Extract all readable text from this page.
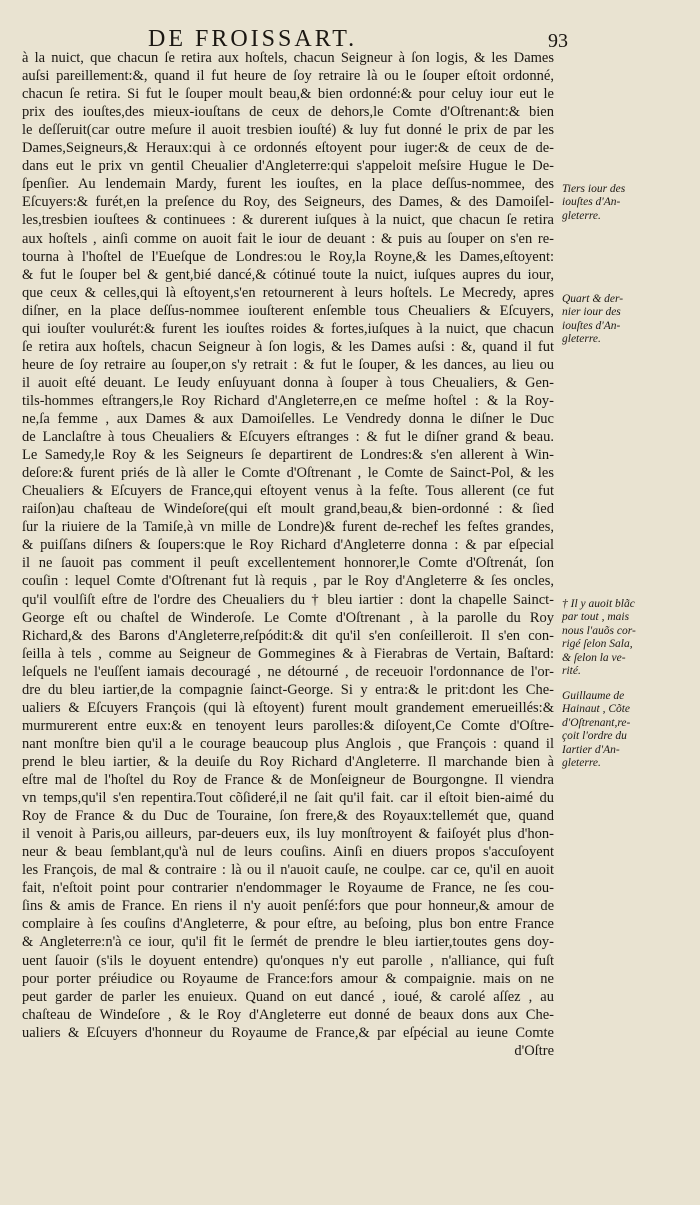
DE FROISSART.	93
à la nuict, que chacun ſe retira aux hoſtels, chacun Seigneur à ſon logis, & les Dames
auſsi pareillement:&, quand il fut heure de ſoy retraire là ou le ſouper eſtoit ordonné,
chacun ſe retira. Si fut le ſouper moult beau,& bien ordonné:& pour celuy iour eut le
prix des iouſtes,des mieux-iouſtans de ceux de dehors,le Comte d'Oſtrenant:& bien
le deſſeruit(car outre meſure il auoit tresbien iouſté) & luy fut donné le prix de par les
Dames,Seigneurs,& Heraux:qui à ce ordonnés eſtoyent pour iuger:& de ceux de de-
dans eut le prix vn gentil Cheualier d'Angleterre:qui s'appeloit meſsire Hugue le De-
ſpenſier. Au lendemain Mardy, furent les iouſtes, en la place deſſus-nommee, des
Eſcuyers:& furét,en la preſence du Roy, des Seigneurs, des Dames, & des Damoiſel-
les,tresbien iouſtees & continuees : & durerent iuſques à la nuict, que chacun ſe retira
aux hoſtels , ainſi comme on auoit fait le iour de deuant : & puis au ſouper on s'en re-
tourna à l'hoſtel de l'Eueſque de Londres:ou le Roy,la Royne,& les Dames,eſtoyent:
& fut le ſouper bel & gent,bié dancé,& cótinué toute la nuict, iuſques aupres du iour,
que ceux & celles,qui là eſtoyent,s'en retournerent à leurs hoſtels. Le Mecredy, apres
diſner, en la place deſſus-nommee iouſterent enſemble tous Cheualiers & Eſcuyers,
qui iouſter voulurét:& furent les iouſtes roides & fortes,iuſques à la nuict, que chacun
ſe retira aux hoſtels, chacun Seigneur à ſon logis, & les Dames auſsi : &, quand il fut
heure de ſoy retraire au ſouper,on s'y retrait : & fut le ſouper, & les dances, au lieu ou
il auoit eſté deuant. Le Ieudy enſuyuant donna à ſouper à tous Cheualiers, & Gen-
tils-hommes eſtrangers,le Roy Richard d'Angleterre,en ce meſme hoſtel : & la Roy-
ne,ſa femme , aux Dames & aux Damoiſelles. Le Vendredy donna le diſner le Duc
de Lanclaſtre à tous Cheualiers & Eſcuyers eſtranges : & fut le diſner grand & beau.
Le Samedy,le Roy & les Seigneurs ſe departirent de Londres:& s'en allerent à Win-
deſore:& furent priés de là aller le Comte d'Oſtrenant , le Comte de Sainct-Pol, & les
Cheualiers & Eſcuyers de France,qui eſtoyent venus à la feſte. Tous allerent (ce fut
raiſon)au chaſteau de Windeſore(qui eſt moult grand,beau,& bien-ordonné : & ſied
ſur la riuiere de la Tamiſe,à vn mille de Londre)& furent de-rechef les feſtes grandes,
& puiſſans diſners & ſoupers:que le Roy Richard d'Angleterre donna : & par eſpecial
il ne ſauoit pas comment il peuſt excellentement honnorer,le Comte d'Oſtrenát, ſon
couſin : lequel Comte d'Oſtrenant fut là requis , par le Roy d'Angleterre & ſes oncles,
qu'il voulſiſt eſtre de l'ordre des Cheualiers du † bleu iartier : dont la chapelle Sainct-
George eſt ou chaſtel de Winderoſe. Le Comte d'Oſtrenant , à la parolle du Roy
Richard,& des Barons d'Angleterre,reſpódit:& dit qu'il s'en conſeilleroit. Il s'en con-
ſeilla à tels , comme au Seigneur de Gommegines & à Fierabras de Vertain, Baſtard:
leſquels ne l'euſſent iamais decouragé , ne détourné , de receuoir l'ordonnance de l'or-
dre du bleu iartier,de la compagnie ſainct-George. Si y entra:& le prit:dont les Che-
ualiers & Eſcuyers François (qui là eſtoyent) furent moult grandement emerueillés:&
murmurerent entre eux:& en tenoyent leurs parolles:& diſoyent,Ce Comte d'Oſtre-
nant monſtre bien qu'il a le courage beaucoup plus Anglois , que François : quand il
prend le bleu iartier, & la deuiſe du Roy Richard d'Angleterre. Il marchande bien à
eſtre mal de l'hoſtel du Roy de France & de Monſeigneur de Bourgongne. Il viendra
vn temps,qu'il s'en repentira.Tout cõſideré,il ne ſait qu'il fait. car il eſtoit bien-aimé du
Roy de France & du Duc de Touraine, ſon frere,& des Royaux:tellemét que, quand
il venoit à Paris,ou ailleurs, par-deuers eux, ils luy monſtroyent & faiſoyét plus d'hon-
neur & beau ſemblant,qu'à nul de leurs couſins. Ainſi en diuers propos s'accuſoyent
les François, de mal & contraire : là ou il n'auoit cauſe, ne coulpe. car ce, qu'il en auoit
fait, n'eſtoit point pour contrarier n'endommager le Royaume de France, ne ſes cou-
ſins & amis de France. En riens il n'y auoit penſé:fors que pour honneur,& amour de
complaire à ſes couſins d'Angleterre, & pour eſtre, au beſoing, plus bon entre France
& Angleterre:n'à ce iour, qu'il fit le ſermét de prendre le bleu iartier,toutes gens doy-
uent ſauoir (s'ils le doyuent entendre) qu'onques n'y eut parolle , n'alliance, qui fuſt
pour porter préiudice ou Royaume de France:fors amour & compaignie. mais on ne
peut garder de parler les enuieux. Quand on eut dancé , ioué, & carolé aſſez , au
chaſteau de Windeſore , & le Roy d'Angleterre eut donné de beaux dons aux Che-
ualiers & Eſcuyers d'honneur du Royaume de France,& par eſpécial au ieune Comte
d'Oſtre
Tiers iour des
iouſtes d'An-
gleterre.
Quart & der-
nier iour des
iouſtes d'An-
gleterre.
† Il y auoit blãc
par tout , mais
nous l'auõs cor-
rigé ſelon Sala,
& ſelon la ve-
rité.
Guillaume de
Hainaut , Cõte
d'Oſtrenant,re-
çoit l'ordre du
Iartier d'An-
gleterre.
